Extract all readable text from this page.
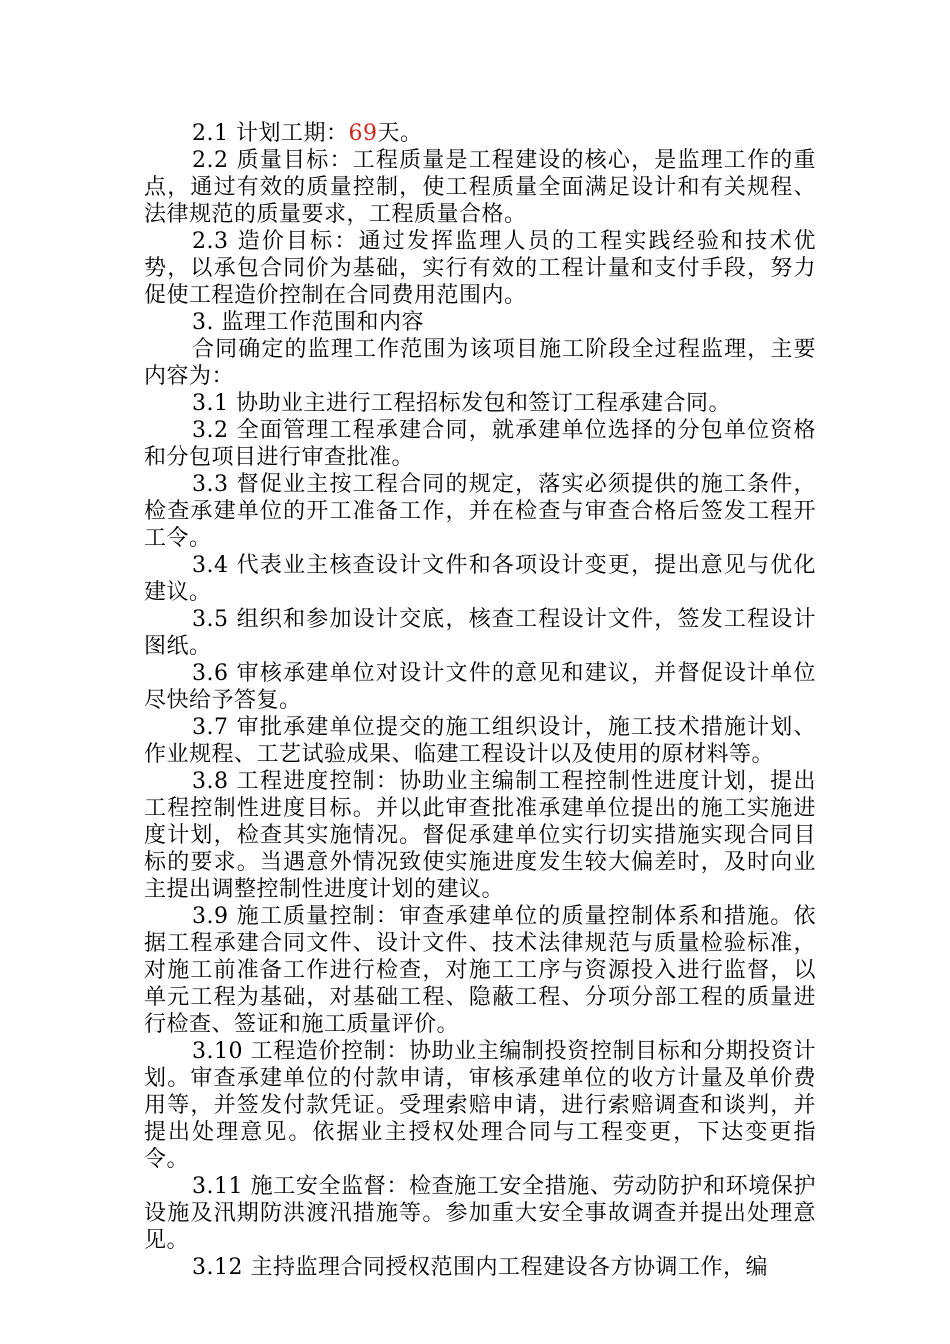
2.1 计划工期：69天。

2.2 质量目标：工程质量是工程建设的核心，是监理工作的重点，通过有效的质量控制，使工程质量全面满足设计和有关规程、法律规范的质量要求，工程质量合格。

2.3 造价目标：通过发挥监理人员的工程实践经验和技术优势，以承包合同价为基础，实行有效的工程计量和支付手段，努力促使工程造价控制在合同费用范围内。

3. 监理工作范围和内容

合同确定的监理工作范围为该项目施工阶段全过程监理，主要内容为：

3.1 协助业主进行工程招标发包和签订工程承建合同。

3.2 全面管理工程承建合同，就承建单位选择的分包单位资格和分包项目进行审查批准。

3.3 督促业主按工程合同的规定，落实必须提供的施工条件，检查承建单位的开工准备工作，并在检查与审查合格后签发工程开工令。

3.4 代表业主核查设计文件和各项设计变更，提出意见与优化建议。

3.5 组织和参加设计交底，核查工程设计文件，签发工程设计图纸。

3.6 审核承建单位对设计文件的意见和建议，并督促设计单位尽快给予答复。

3.7 审批承建单位提交的施工组织设计，施工技术措施计划、作业规程、工艺试验成果、临建工程设计以及使用的原材料等。

3.8 工程进度控制：协助业主编制工程控制性进度计划，提出工程控制性进度目标。并以此审查批准承建单位提出的施工实施进度计划，检查其实施情况。督促承建单位实行切实措施实现合同目标的要求。当遇意外情况致使实施进度发生较大偏差时，及时向业主提出调整控制性进度计划的建议。

3.9 施工质量控制：审查承建单位的质量控制体系和措施。依据工程承建合同文件、设计文件、技术法律规范与质量检验标准，对施工前准备工作进行检查，对施工工序与资源投入进行监督，以单元工程为基础，对基础工程、隐蔽工程、分项分部工程的质量进行检查、签证和施工质量评价。

3.10 工程造价控制：协助业主编制投资控制目标和分期投资计划。审查承建单位的付款申请，审核承建单位的收方计量及单价费用等，并签发付款凭证。受理索赔申请，进行索赔调查和谈判，并提出处理意见。依据业主授权处理合同与工程变更，下达变更指令。

3.11 施工安全监督：检查施工安全措施、劳动防护和环境保护设施及汛期防洪渡汛措施等。参加重大安全事故调查并提出处理意见。

3.12 主持监理合同授权范围内工程建设各方协调工作，编
